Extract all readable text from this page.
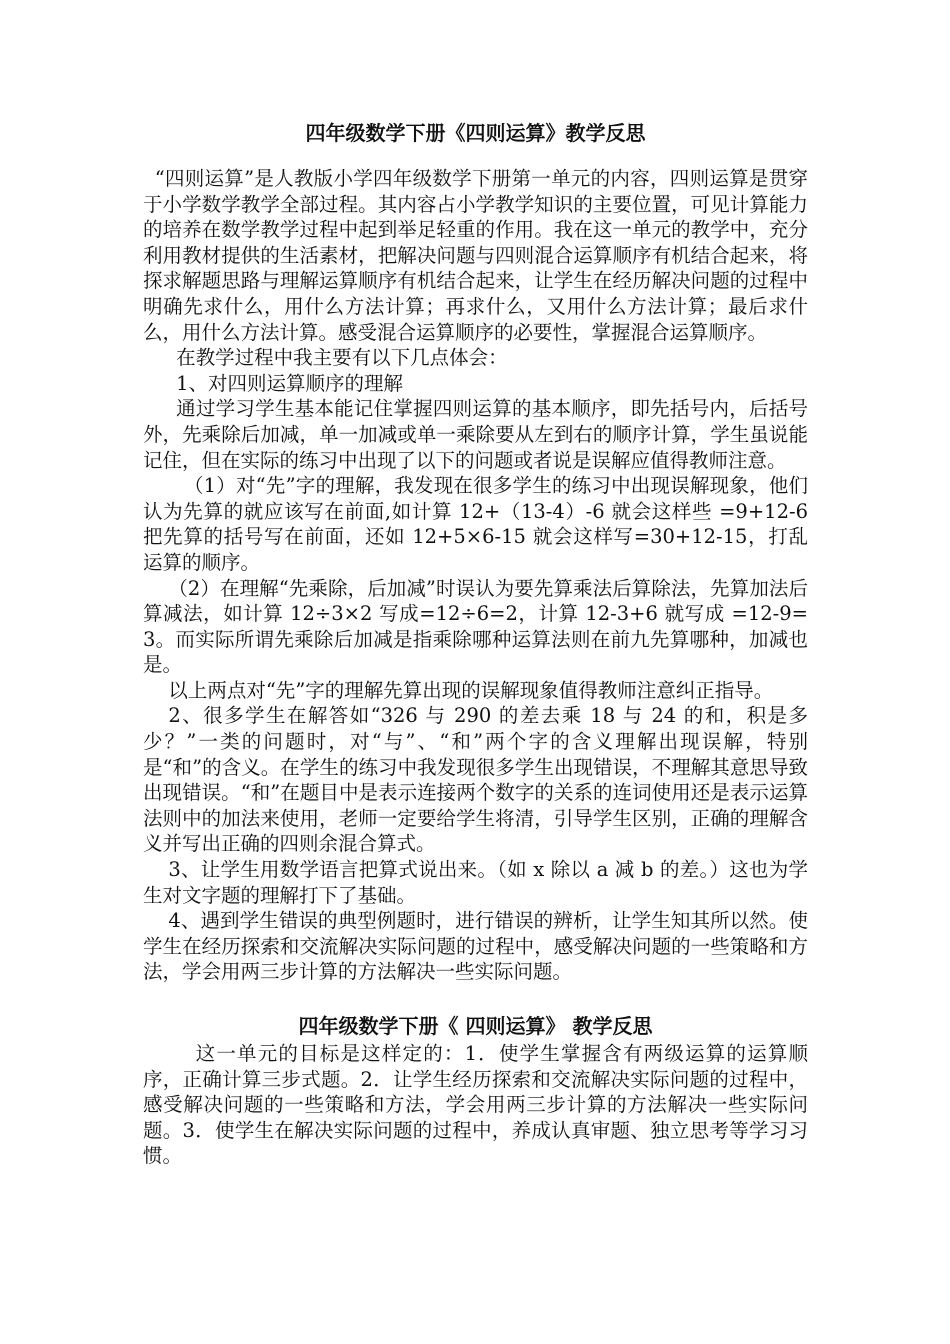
四年级数学下册《四则运算》教学反思

“四则运算”是人教版小学四年级数学下册第一单元的内容，四则运算是贯穿于小学数学教学全部过程。其内容占小学教学知识的主要位置，可见计算能力的培养在数学教学过程中起到举足轻重的作用。我在这一单元的教学中，充分利用教材提供的生活素材，把解决问题与四则混合运算顺序有机结合起来，将探求解题思路与理解运算顺序有机结合起来，让学生在经历解决问题的过程中明确先求什么，用什么方法计算；再求什么，又用什么方法计算；最后求什么，用什么方法计算。感受混合运算顺序的必要性，掌握混合运算顺序。

在教学过程中我主要有以下几点体会：

1、对四则运算顺序的理解

通过学习学生基本能记住掌握四则运算的基本顺序，即先括号内，后括号外，先乘除后加减，单一加减或单一乘除要从左到右的顺序计算，学生虽说能记住，但在实际的练习中出现了以下的问题或者说是误解应值得教师注意。

（1）对“先”字的理解，我发现在很多学生的练习中出现误解现象，他们认为先算的就应该写在前面,如计算 12+（13-4）-6 就会这样些 =9+12-6 把先算的括号写在前面，还如 12+5×6-15 就会这样写=30+12-15，打乱运算的顺序。

（2）在理解“先乘除，后加减”时误认为要先算乘法后算除法，先算加法后算减法，如计算 12÷3×2 写成=12÷6=2，计算 12-3+6 就写成 =12-9=3。而实际所谓先乘除后加减是指乘除哪种运算法则在前九先算哪种，加减也是。

以上两点对“先”字的理解先算出现的误解现象值得教师注意纠正指导。

2、很多学生在解答如“326 与 290 的差去乘 18 与 24 的和，积是多少？”一类的问题时，对“与”、“和”两个字的含义理解出现误解，特别是“和”的含义。在学生的练习中我发现很多学生出现错误，不理解其意思导致出现错误。“和”在题目中是表示连接两个数字的关系的连词使用还是表示运算法则中的加法来使用，老师一定要给学生将清，引导学生区别，正确的理解含义并写出正确的四则余混合算式。

3、让学生用数学语言把算式说出来。（如 x 除以 a 减 b 的差。）这也为学生对文字题的理解打下了基础。

4、遇到学生错误的典型例题时，进行错误的辨析，让学生知其所以然。使学生在经历探索和交流解决实际问题的过程中，感受解决问题的一些策略和方法，学会用两三步计算的方法解决一些实际问题。

四年级数学下册《 四则运算》 教学反思

这一单元的目标是这样定的：1．使学生掌握含有两级运算的运算顺序，正确计算三步式题。2．让学生经历探索和交流解决实际问题的过程中，感受解决问题的一些策略和方法，学会用两三步计算的方法解决一些实际问题。3．使学生在解决实际问题的过程中，养成认真审题、独立思考等学习习惯。
